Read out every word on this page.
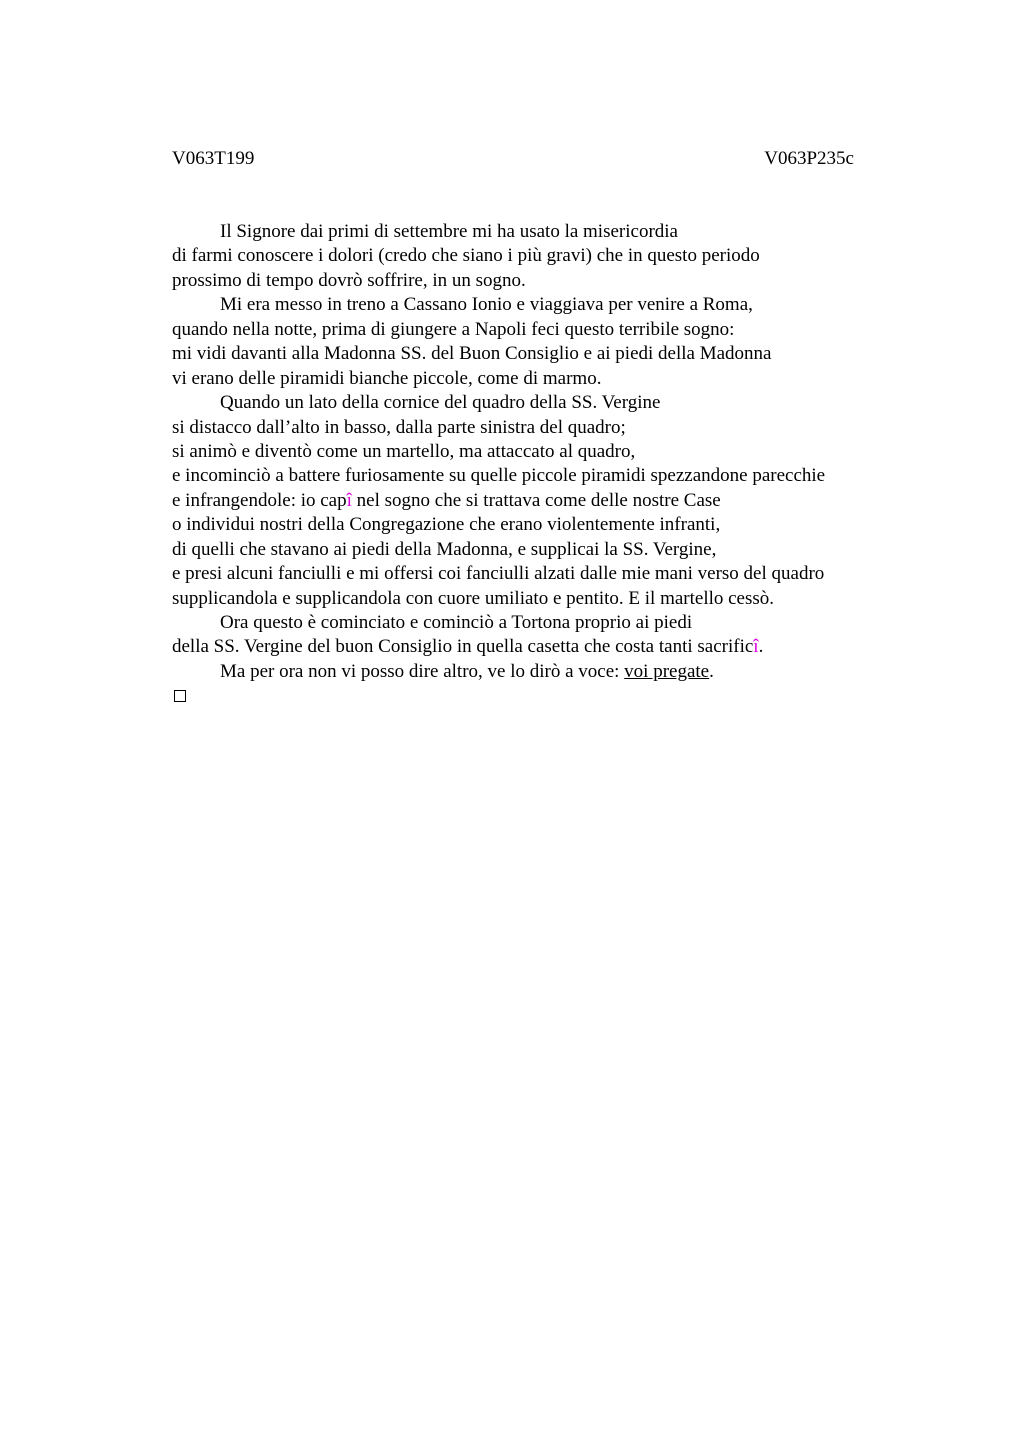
V063T199	V063P235c
Il Signore dai primi di settembre mi ha usato la misericordia
di farmi conoscere i dolori (credo che siano i più gravi) che in questo periodo
prossimo di tempo dovrò soffrire, in un sogno.
Mi era messo in treno a Cassano Ionio e viaggiava per venire a Roma,
quando nella notte, prima di giungere a Napoli feci questo terribile sogno:
mi vidi davanti alla Madonna SS. del Buon Consiglio e ai piedi della Madonna
vi erano delle piramidi bianche piccole, come di marmo.
Quando un lato della cornice del quadro della SS. Vergine
si distacco dall’alto in basso, dalla parte sinistra del quadro;
si animò e diventò come un martello, ma attaccato al quadro,
e incominciò a battere furiosamente su quelle piccole piramidi spezzandone parecchie
e infrangendole: io capî nel sogno che si trattava come delle nostre Case
o individui nostri della Congregazione che erano violentemente infranti,
di quelli che stavano ai piedi della Madonna, e supplicai la SS. Vergine,
e presi alcuni fanciulli e mi offersi coi fanciulli alzati dalle mie mani verso del quadro
supplicandola e supplicandola con cuore umiliato e pentito. E il martello cessò.
Ora questo è cominciato e cominciò a Tortona proprio ai piedi
della SS. Vergine del buon Consiglio in quella casetta che costa tanti sacrificî.
Ma per ora non vi posso dire altro, ve lo dirò a voce: voi pregate.
